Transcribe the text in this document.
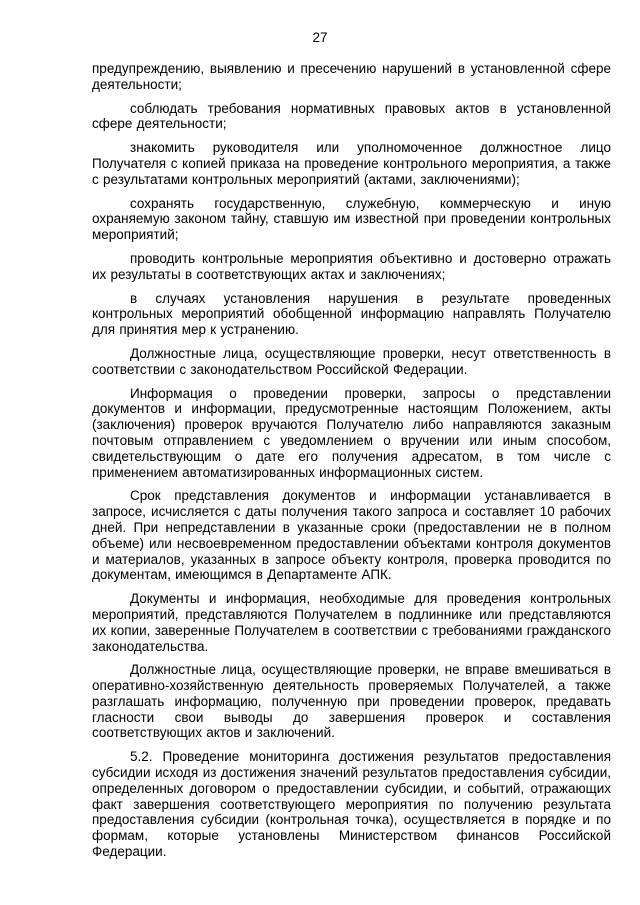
27

предупреждению, выявлению и пресечению нарушений в установленной сфере деятельности;

соблюдать требования нормативных правовых актов в установленной сфере деятельности;

знакомить руководителя или уполномоченное должностное лицо Получателя с копией приказа на проведение контрольного мероприятия, а также с результатами контрольных мероприятий (актами, заключениями);

сохранять государственную, служебную, коммерческую и иную охраняемую законом тайну, ставшую им известной при проведении контрольных мероприятий;

проводить контрольные мероприятия объективно и достоверно отражать их результаты в соответствующих актах и заключениях;

в случаях установления нарушения в результате проведенных контрольных мероприятий обобщенной информацию направлять Получателю для принятия мер к устранению.

Должностные лица, осуществляющие проверки, несут ответственность в соответствии с законодательством Российской Федерации.

Информация о проведении проверки, запросы о представлении документов и информации, предусмотренные настоящим Положением, акты (заключения) проверок вручаются Получателю либо направляются заказным почтовым отправлением с уведомлением о вручении или иным способом, свидетельствующим о дате его получения адресатом, в том числе с применением автоматизированных информационных систем.

Срок представления документов и информации устанавливается в запросе, исчисляется с даты получения такого запроса и составляет 10 рабочих дней. При непредставлении в указанные сроки (предоставлении не в полном объеме) или несвоевременном предоставлении объектами контроля документов и материалов, указанных в запросе объекту контроля, проверка проводится по документам, имеющимся в Департаменте АПК.

Документы и информация, необходимые для проведения контрольных мероприятий, представляются Получателем в подлиннике или представляются их копии, заверенные Получателем в соответствии с требованиями гражданского законодательства.

Должностные лица, осуществляющие проверки, не вправе вмешиваться в оперативно-хозяйственную деятельность проверяемых Получателей, а также разглашать информацию, полученную при проведении проверок, предавать гласности свои выводы до завершения проверок и составления соответствующих актов и заключений.

5.2. Проведение мониторинга достижения результатов предоставления субсидии исходя из достижения значений результатов предоставления субсидии, определенных договором о предоставлении субсидии, и событий, отражающих факт завершения соответствующего мероприятия по получению результата предоставления субсидии (контрольная точка), осуществляется в порядке и по формам, которые установлены Министерством финансов Российской Федерации.
